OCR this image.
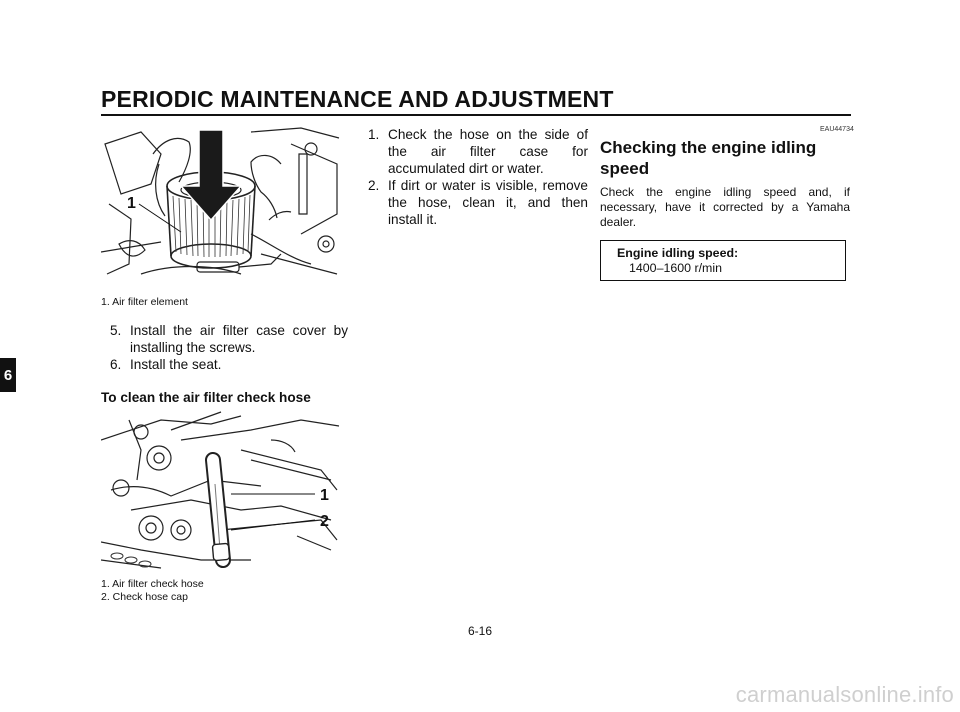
PERIODIC MAINTENANCE AND ADJUSTMENT
6
1
1. Air filter element
5. Install the air filter case cover by installing the screws.
6. Install the seat.
To clean the air filter check hose
1
2
1. Air filter check hose
2. Check hose cap
1. Check the hose on the side of the air filter case for accumulated dirt or water.
2. If dirt or water is visible, remove the hose, clean it, and then install it.
EAU44734
Checking the engine idling speed
Check the engine idling speed and, if necessary, have it corrected by a Yamaha dealer.
Engine idling speed:
1400–1600 r/min
6-16
carmanualsonline.info
